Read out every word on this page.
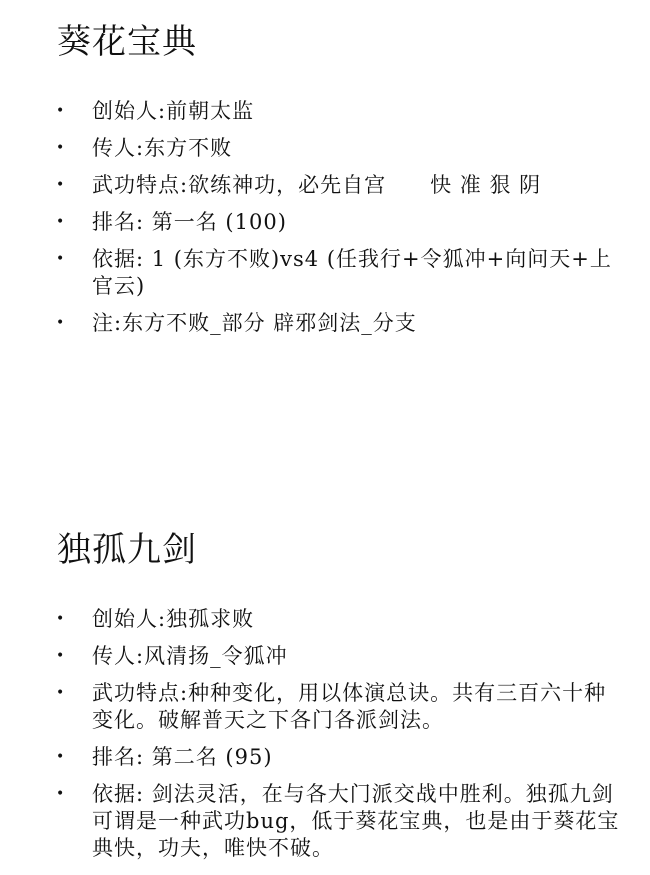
葵花宝典
• 创始人:前朝太监
• 传人:东方不败
• 武功特点:欲练神功，必先自宫　　快 准 狠 阴
• 排名: 第一名 (100)
• 依据: 1 (东方不败)vs4 (任我行+令狐冲+向问天+上官云)
• 注:东方不败_部分 辟邪剑法_分支
独孤九剑
• 创始人:独孤求败
• 传人:风清扬_令狐冲
• 武功特点:种种变化，用以体演总诀。共有三百六十种变化。破解普天之下各门各派剑法。
• 排名: 第二名 (95)
• 依据: 剑法灵活，在与各大门派交战中胜利。独孤九剑可谓是一种武功bug，低于葵花宝典，也是由于葵花宝典快，功夫，唯快不破。
